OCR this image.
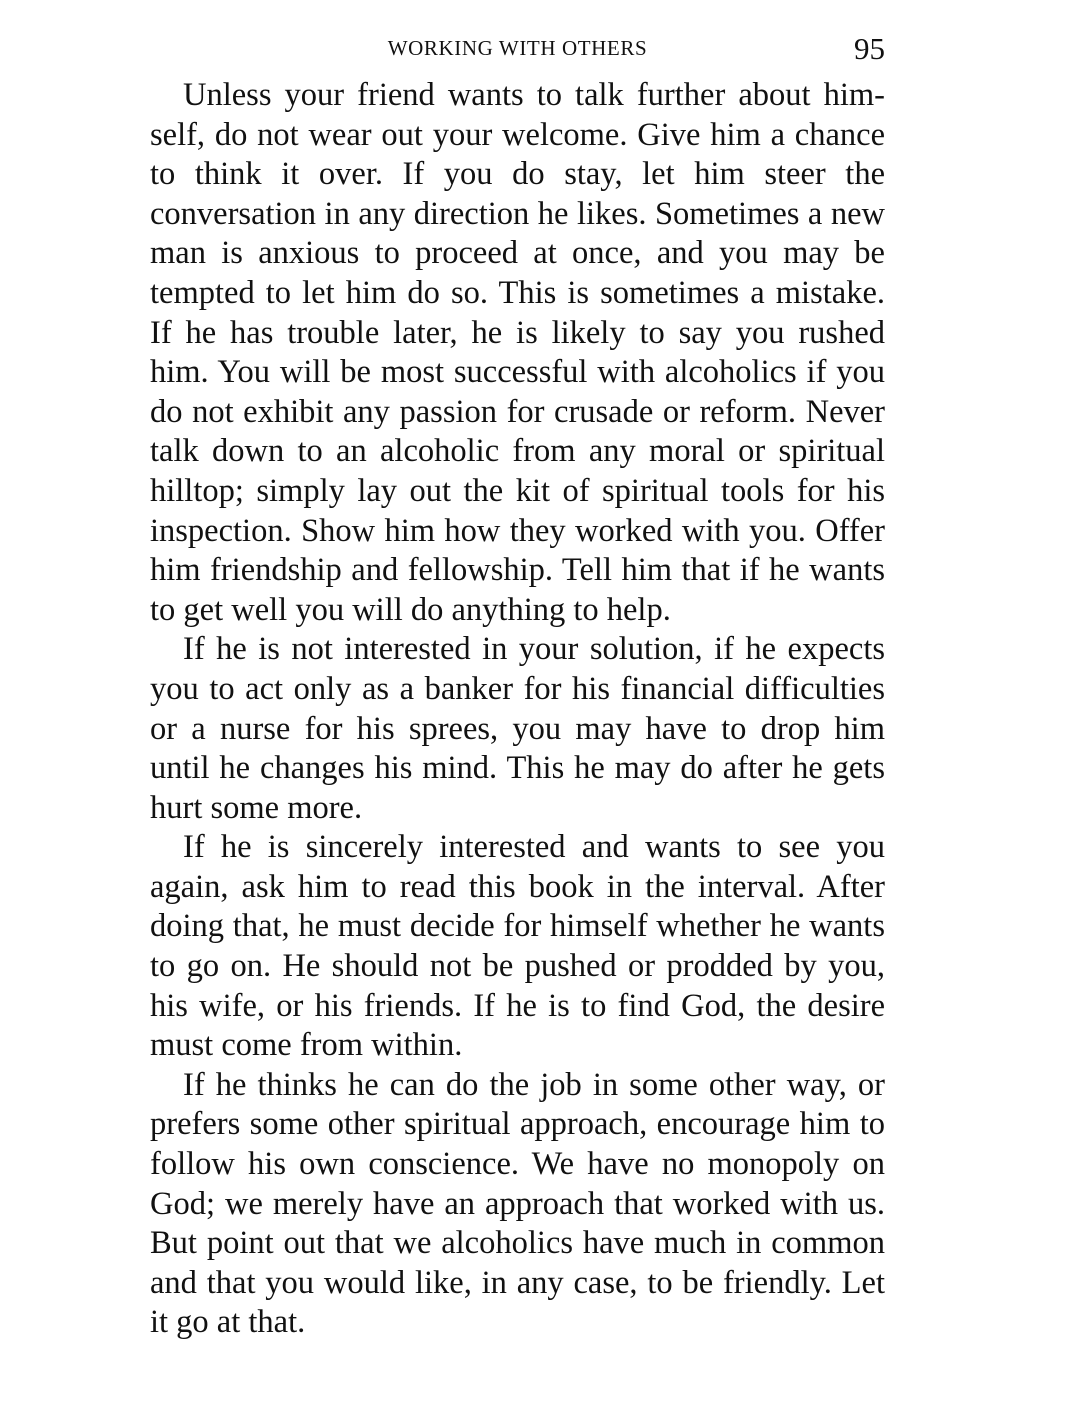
WORKING WITH OTHERS	95

Unless your friend wants to talk further about himself, do not wear out your welcome. Give him a chance to think it over. If you do stay, let him steer the conversation in any direction he likes. Sometimes a new man is anxious to proceed at once, and you may be tempted to let him do so. This is sometimes a mistake. If he has trouble later, he is likely to say you rushed him. You will be most successful with alcoholics if you do not exhibit any passion for crusade or reform. Never talk down to an alcoholic from any moral or spiritual hilltop; simply lay out the kit of spiritual tools for his inspection. Show him how they worked with you. Offer him friendship and fellowship. Tell him that if he wants to get well you will do anything to help.

If he is not interested in your solution, if he expects you to act only as a banker for his financial difficulties or a nurse for his sprees, you may have to drop him until he changes his mind. This he may do after he gets hurt some more.

If he is sincerely interested and wants to see you again, ask him to read this book in the interval. After doing that, he must decide for himself whether he wants to go on. He should not be pushed or prodded by you, his wife, or his friends. If he is to find God, the desire must come from within.

If he thinks he can do the job in some other way, or prefers some other spiritual approach, encourage him to follow his own conscience. We have no monopoly on God; we merely have an approach that worked with us. But point out that we alcoholics have much in common and that you would like, in any case, to be friendly. Let it go at that.
